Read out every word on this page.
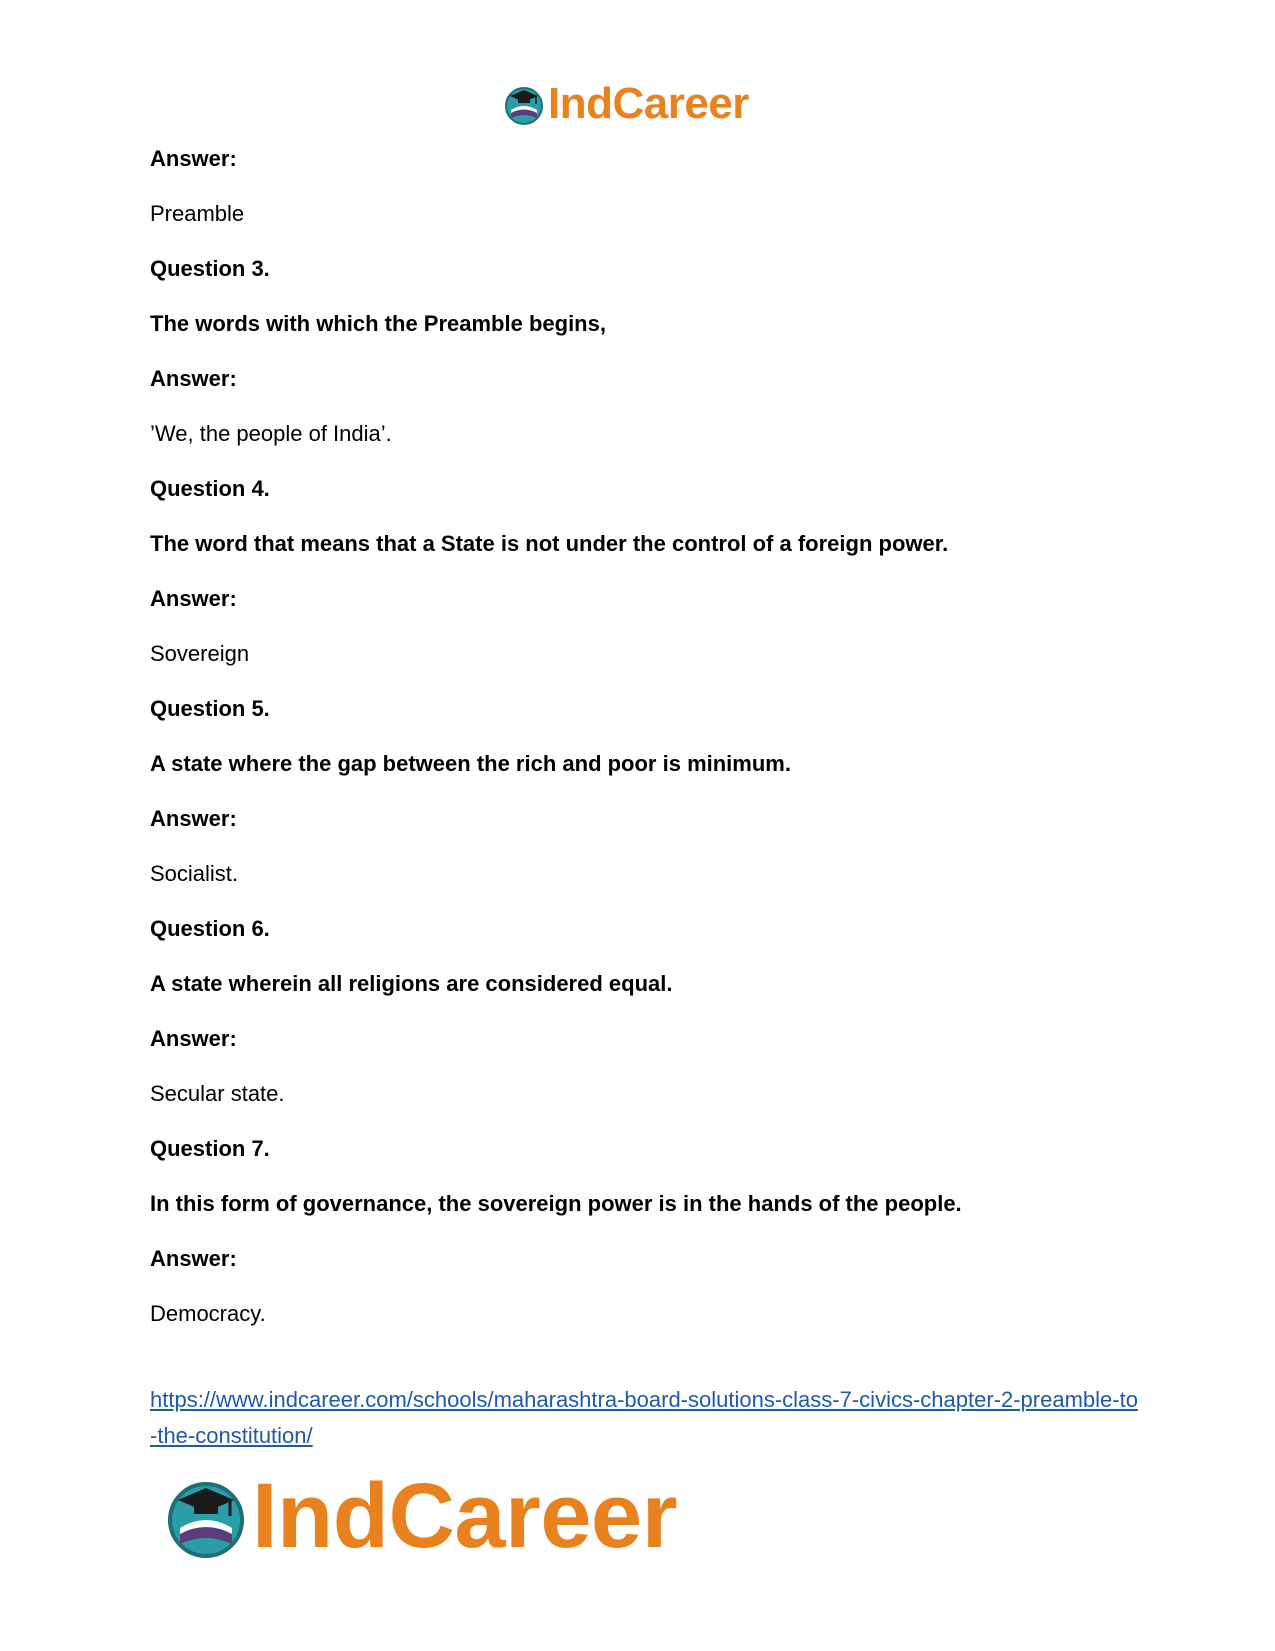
IndCareer

Answer:

Preamble

Question 3.

The words with which the Preamble begins,

Answer:

’We, the people of India’.

Question 4.

The word that means that a State is not under the control of a foreign power.

Answer:

Sovereign

Question 5.

A state where the gap between the rich and poor is minimum.

Answer:

Socialist.

Question 6.

A state wherein all religions are considered equal.

Answer:

Secular state.

Question 7.

In this form of governance, the sovereign power is in the hands of the people.

Answer:

Democracy.

https://www.indcareer.com/schools/maharashtra-board-solutions-class-7-civics-chapter-2-preamble-to-the-constitution/
IndCareer
